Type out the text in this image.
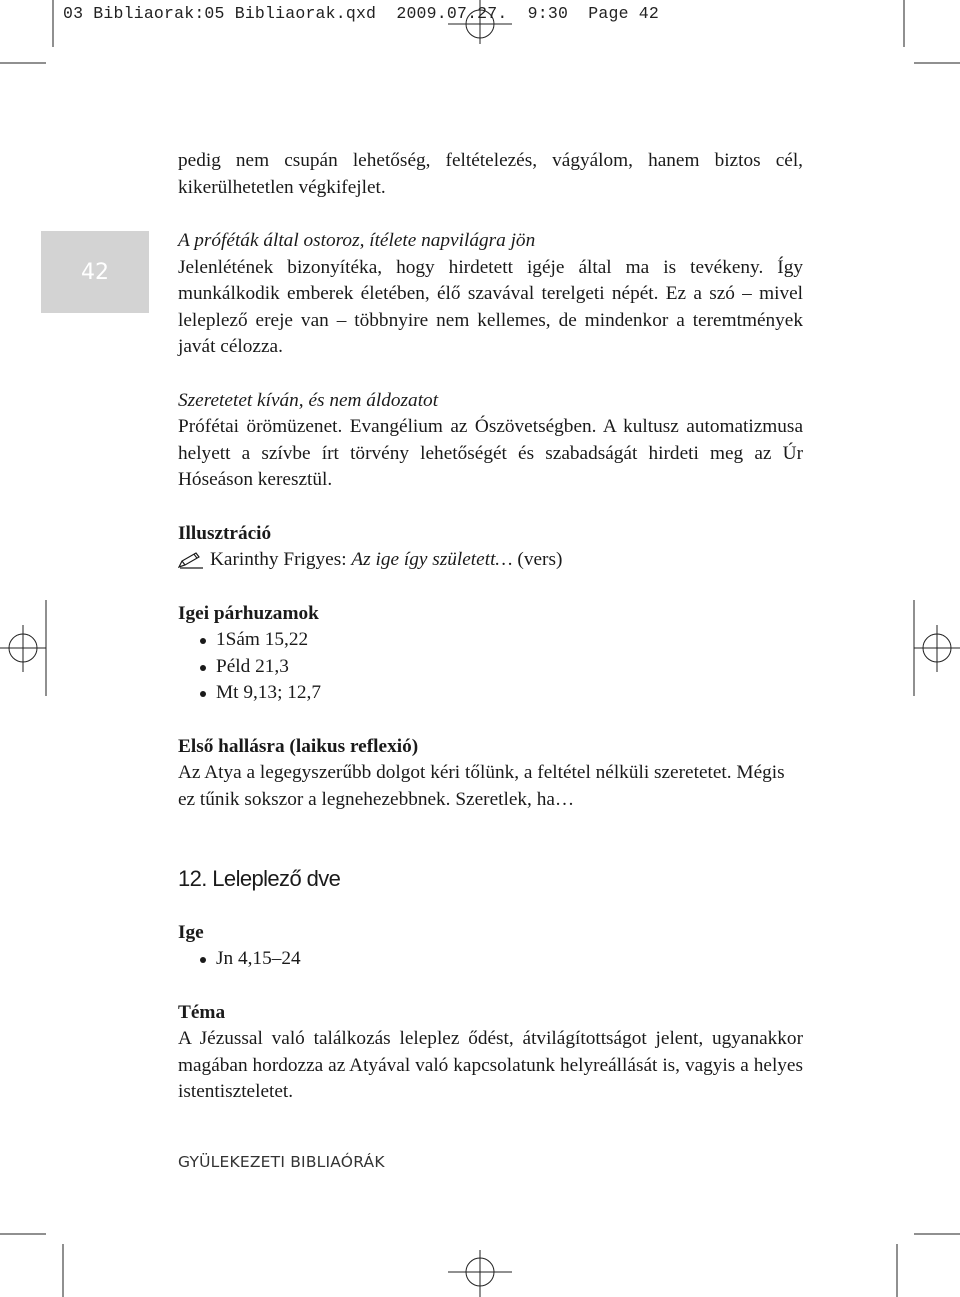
03 Bibliaorak:05 Bibliaorak.qxd  2009.07.27.  9:30  Page 42
42

pedig nem csupán lehetőség, feltételezés, vágyálom, hanem biztos cél, kikerülhetetlen végkifejlet.

A próféták által ostoroz, ítélete napvilágra jön

Jelenlétének bizonyítéka, hogy hirdetett igéje által ma is tevékeny. Így munkálkodik emberek életében, élő szavával terelgeti népét. Ez a szó – mivel leleplező ereje van – többnyire nem kellemes, de mindenkor a teremtmények javát célozza.

Szeretetet kíván, és nem áldozatot

Prófétai örömüzenet. Evangélium az Ószövetségben. A kultusz automatizmusa helyett a szívbe írt törvény lehetőségét és szabadságát hirdeti meg az Úr Hóseáson keresztül.

Illusztráció

Karinthy Frigyes: Az ige így született… (vers)

Igei párhuzamok

1Sám 15,22
Péld 21,3
Mt 9,13; 12,7

Első hallásra (laikus reflexió)

Az Atya a legegyszerűbb dolgot kéri tőlünk, a feltétel nélküli szeretetet. Mégis ez tűnik sokszor a legnehezebbnek. Szeretlek, ha…

12. Leleplező dve

Ige

Jn 4,15–24

Téma

A Jézussal való találkozás leleplez ődést, átvilágítottságot jelent, ugyanakkor magában hordozza az Atyával való kapcsolatunk helyreállását is, vagyis a helyes istentiszteletet.

GYÜLEKEZETI BIBLIAÓRÁK
